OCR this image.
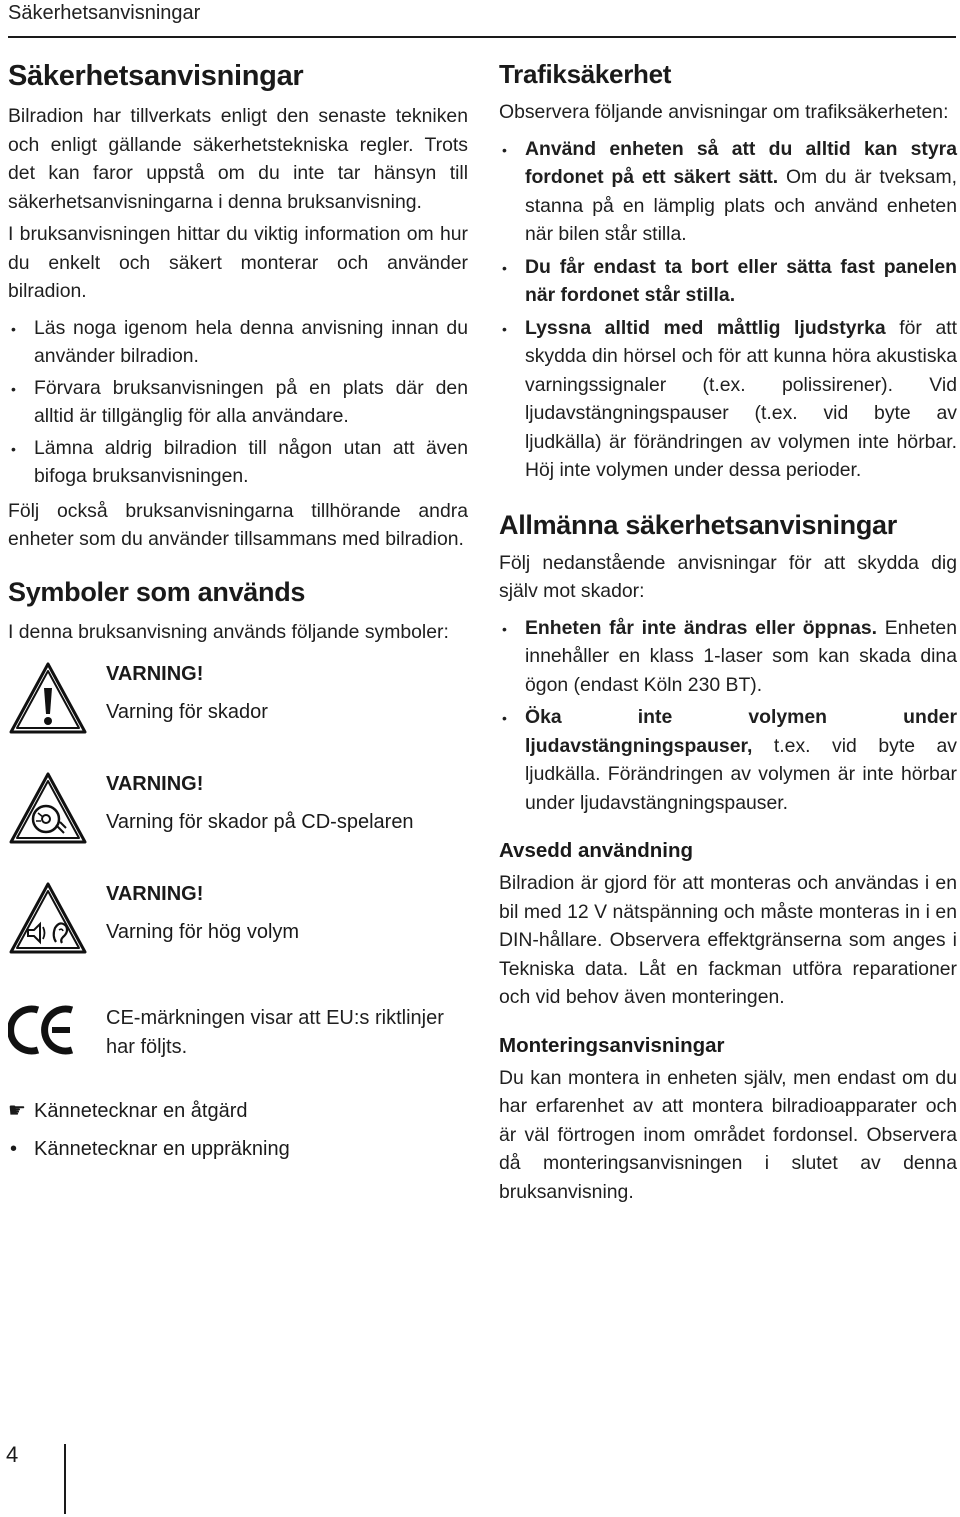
Säkerhetsanvisningar
Säkerhetsanvisningar

Bilradion har tillverkats enligt den senaste tekniken och enligt gällande säkerhetstekniska regler. Trots det kan faror uppstå om du inte tar hänsyn till säkerhetsanvisningarna i denna bruksanvisning.

I bruksanvisningen hittar du viktig information om hur du enkelt och säkert monterar och använder bilradion.

• Läs noga igenom hela denna anvisning innan du använder bilradion.
• Förvara bruksanvisningen på en plats där den alltid är tillgänglig för alla användare.
• Lämna aldrig bilradion till någon utan att även bifoga bruksanvisningen.

Följ också bruksanvisningarna tillhörande andra enheter som du använder tillsammans med bilradion.

Symboler som används

I denna bruksanvisning används följande symboler:

VARNING!
Varning för skador
VARNING!
Varning för skador på CD-spelaren
VARNING!
Varning för hög volym

CE-märkningen visar att EU:s riktlinjer har följts.

☛ Kännetecknar en åtgärd
• Kännetecknar en uppräkning
Trafiksäkerhet

Observera följande anvisningar om trafiksäkerheten:

• Använd enheten så att du alltid kan styra fordonet på ett säkert sätt. Om du är tveksam, stanna på en lämplig plats och använd enheten när bilen står stilla.
• Du får endast ta bort eller sätta fast panelen när fordonet står stilla.
• Lyssna alltid med måttlig ljudstyrka för att skydda din hörsel och för att kunna höra akustiska varningssignaler (t.ex. polissirener). Vid ljudavstängningspauser (t.ex. vid byte av ljudkälla) är förändringen av volymen inte hörbar. Höj inte volymen under dessa perioder.
Allmänna säkerhetsanvisningar

Följ nedanstående anvisningar för att skydda dig själv mot skador:

• Enheten får inte ändras eller öppnas. Enheten innehåller en klass 1-laser som kan skada dina ögon (endast Köln 230 BT).
• Öka inte volymen under ljudavstängningspauser, t.ex. vid byte av ljudkälla. Förändringen av volymen är inte hörbar under ljudavstängningspauser.
Avsedd användning

Bilradion är gjord för att monteras och användas i en bil med 12 V nätspänning och måste monteras in i en DIN-hållare. Observera effektgränserna som anges i Tekniska data. Låt en fackman utföra reparationer och vid behov även monteringen.

Monteringsanvisningar

Du kan montera in enheten själv, men endast om du har erfarenhet av att montera bilradioapparater och är väl förtrogen inom området fordonsel. Observera då monteringsanvisningen i slutet av denna bruksanvisning.

4
